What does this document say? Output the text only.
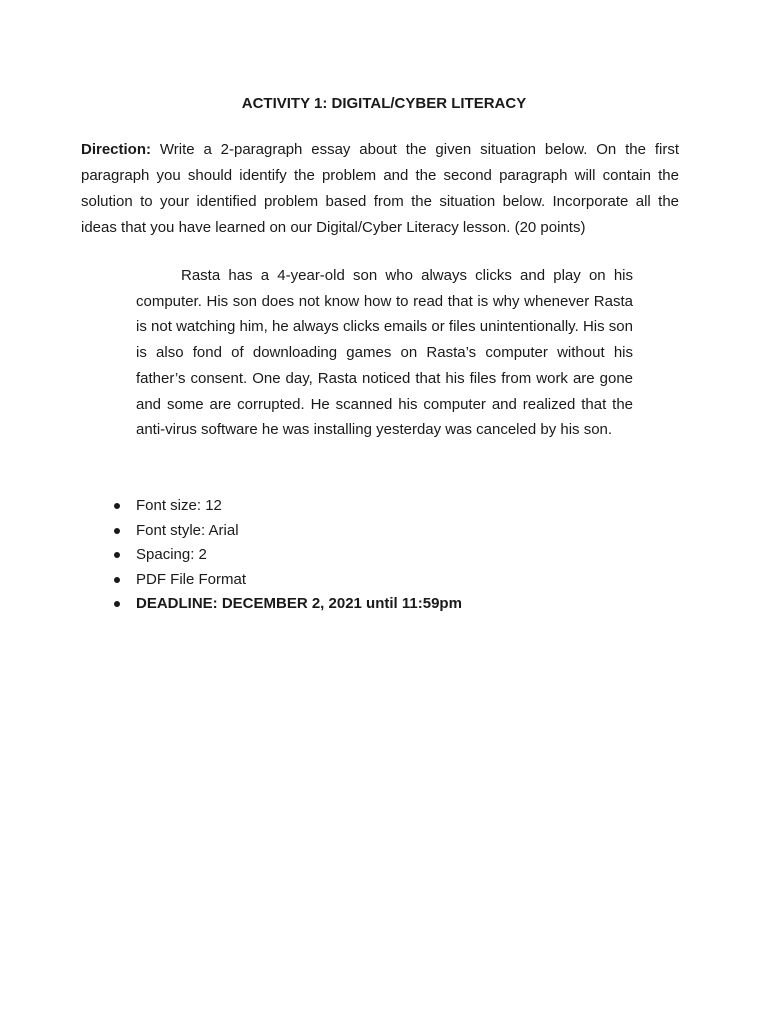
ACTIVITY 1: DIGITAL/CYBER LITERACY

Direction: Write a 2-paragraph essay about the given situation below. On the first paragraph you should identify the problem and the second paragraph will contain the solution to your identified problem based from the situation below. Incorporate all the ideas that you have learned on our Digital/Cyber Literacy lesson. (20 points)

Rasta has a 4-year-old son who always clicks and play on his computer. His son does not know how to read that is why whenever Rasta is not watching him, he always clicks emails or files unintentionally. His son is also fond of downloading games on Rasta’s computer without his father’s consent. One day, Rasta noticed that his files from work are gone and some are corrupted. He scanned his computer and realized that the anti-virus software he was installing yesterday was canceled by his son.

Font size: 12
Font style: Arial
Spacing: 2
PDF File Format
DEADLINE: DECEMBER 2, 2021 until 11:59pm
